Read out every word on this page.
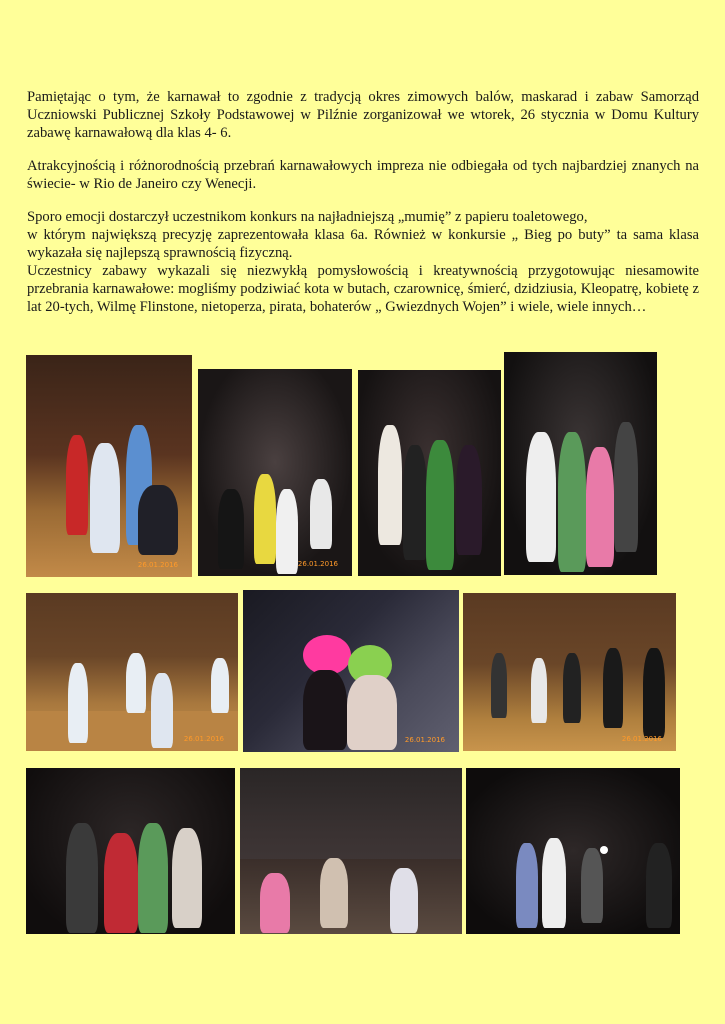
Pamiętając o tym, że karnawał to zgodnie z tradycją okres zimowych balów, maskarad i zabaw Samorząd Uczniowski Publicznej Szkoły Podstawowej w Pilźnie zorganizował we wtorek, 26 stycznia w Domu Kultury zabawę karnawałową dla klas 4- 6.

Atrakcyjnością i różnorodnością przebrań karnawałowych impreza nie odbiegała od tych najbardziej znanych na świecie- w Rio de Janeiro czy Wenecji.

Sporo emocji dostarczył uczestnikom konkurs na najładniejszą „mumię” z papieru toaletowego,

w którym największą precyzję zaprezentowała klasa 6a. Również w konkursie „ Bieg po buty” ta sama klasa wykazała się najlepszą sprawnością fizyczną.

Uczestnicy zabawy wykazali się niezwykłą pomysłowością i kreatywnością przygotowując niesamowite przebrania karnawałowe: mogliśmy podziwiać kota w butach, czarownicę, śmierć, dzidziusia, Kleopatrę, kobietę z lat 20-tych, Wilmę Flinstone, nietoperza, pirata, bohaterów „ Gwiezdnych Wojen” i wiele, wiele innych…

26.01.2016	26.01.2016
26.01.2016	26.01.2016	26.01.2016
